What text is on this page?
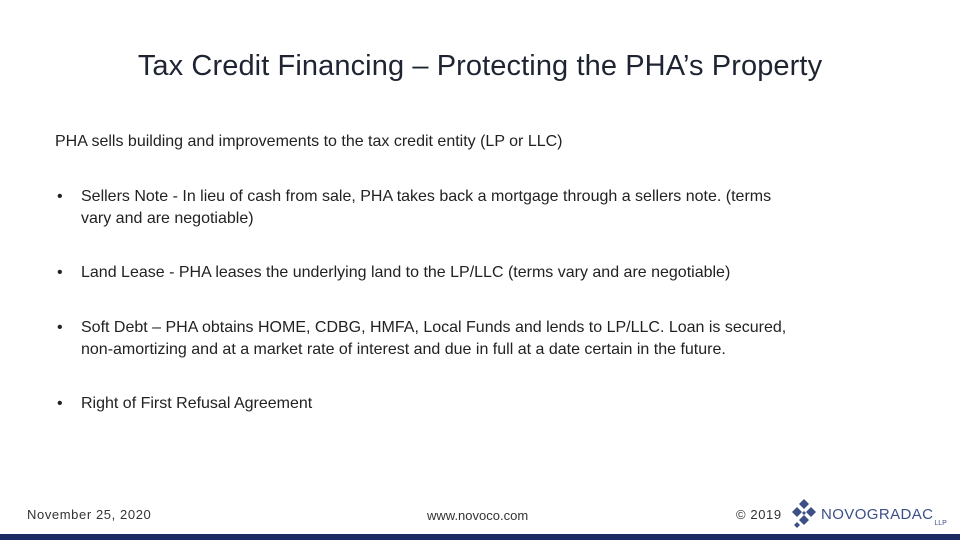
Tax Credit Financing – Protecting the PHA’s Property
PHA sells building and improvements to the tax credit entity (LP or LLC)
• Sellers Note - In lieu of cash from sale, PHA takes back a mortgage through a sellers note. (terms
vary and are negotiable)
• Land Lease - PHA leases the underlying land to the LP/LLC (terms vary and are negotiable)
• Soft Debt – PHA obtains HOME, CDBG, HMFA, Local Funds and lends to LP/LLC. Loan is secured,
non-amortizing and at a market rate of interest and due in full at a date certain in the future.
• Right of First Refusal Agreement
November 25, 2020	www.novoco.com	© 2019	NOVOGRADAC
LLP
